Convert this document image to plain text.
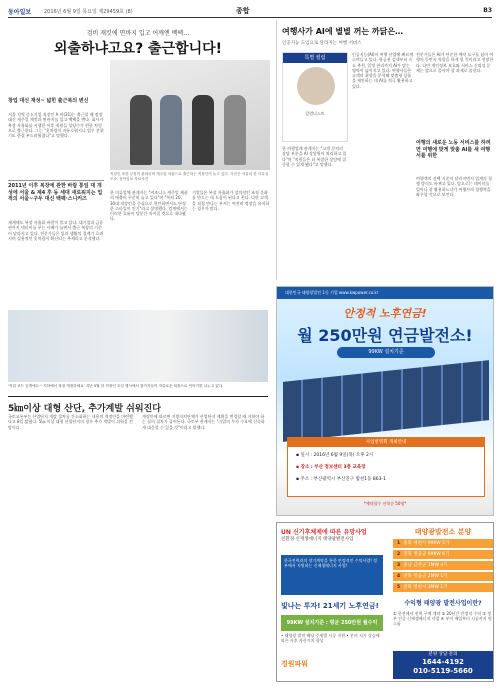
동아일보	2016년 6월 9일 목요일 제29459호 (8)	종합	B3
검비 재킷에 면바지 입고 어깨엔 백팩…
외출하냐고요? 출근합니다!
창업 대신 재성~ 넓힌 출근복의 변신

서울 지역 중소기업 직장인 A 씨(31)는 출근할 때 정장 대신 캐주얼 재킷과 면바지를 입고 백팩을 멘다. 회사가 복장 자율화를 시행한 이후 직원들 상당수가 편한 차림으로 출근한다. 그는 "옷차림이 자유로워지니 업무 분위기도 한결 부드러워졌다"고 말했다.

2011년 이후 복장에 관한 바람 통일 대 개성에 서울 & 제4 후 동 세대 새로워지는 업적의 서울~구두 대신 백팩·스니커즈

재계에도 복장 자율화 바람이 불고 있다. 대기업과 금융권까지 넥타이를 푸는 사례가 늘면서 출근 복장의 기준이 달라지고 있다. 전문가들은 일과 생활의 경계가 흐려지며 실용적인 옷차림이 확산되는 추세라고 분석했다.

직장인 복장 규정이 완화되며 캐주얼 차림으로 출근하는 직장인이 늘고 있다. 사진은 서울의 한 사무실 모습. 동아일보 자료사진

한 의류업체 관계자는 "비즈니스 캐주얼 제품의 매출이 꾸준히 늘고 있다"며 "특히 20, 30대 직장인을 중심으로 편안하면서도 단정한 스타일이 인기"라고 설명했다. 업계에서는 이러한 흐름이 당분간 이어질 것으로 내다봤다.

기업들은 복장 자율화가 창의적인 조직 문화를 만드는 데 도움이 된다고 본다. 다만 고객을 직접 만나는 부서는 여전히 정장을 유지하는 경우가 많다.

'작업 코드 공개에도~ 지하에서 복장 개정하세요' 지난 5월 한 직장인 모임 행사에서 참가자들이 자유로운 복장으로 이야기를 나누고 있다.
5㎞이상 대형 산단, 추가계발 쉬워진다

국토교통부는 산업단지 개발 절차를 간소화하는 내용의 개정안을 마련했다고 8일 밝혔다. 5㎞ 이상 대형 산업단지의 경우 추가 개발이 쉬워질 전망이다.

개정안에 따르면 지방자치단체가 산업단지 계획을 변경할 때 거쳐야 하는 심의 절차가 줄어든다. 국토부 관계자는 "기업의 투자 수요에 신속하게 대응할 수 있을 것"이라고 말했다.

여행사가 AI에 별별 꺼는 까닭은…
인공지능 도입으로 달라지는 여행 서비스
특별 컬럼
칼럼니스트

인공지능(AI)이 여행 산업에 빠르게 스며들고 있다. 항공권 검색부터 숙소 추천, 일정 관리까지 AI가 맡는 영역이 넓어지고 있다. 여행사들은 고객의 취향을 분석해 맞춤형 상품을 제안하는 데 AI를 적극 활용하고 있다.

한 여행업계 관계자는 "고객 문의의 상당 부분을 AI 상담원이 처리하고 있다"며 "직원들은 더 복잡한 상담에 집중할 수 있게 됐다"고 말했다.

전문가들은 AI가 단순한 예약 도구를 넘어 여행의 동반자 역할을 하게 될 것이라고 전망한다. 다만 개인정보 보호와 서비스 신뢰성 문제는 앞으로 풀어야 할 과제로 꼽힌다.

여행의 새로운 노동 서비스를 하려면 여행에 맞게 맞춤 AI를 새 여행서를 위한

여행객의 선택 기준이 달라지면서 업계의 경쟁 방식도 바뀌고 있다. 앞으로는 데이터를 얼마나 잘 활용하느냐가 여행사의 경쟁력을 좌우할 것으로 보인다.

대한민국 태양광발전 1등 기업 www.kwpower.co.kr
안정적 노후연금!
월 250만원 연금발전소!
99KW 설치기준
사업설명회 개최안내
▪ 일시 : 2016년 6월 9일(목) 오후 2시
▪ 장소 : 부산 정보센터 3층 교육장
▪ 주소 : 부산광역시 부산진구 범천1동 863-1
*예약필수 선착순 50명*
UN 신기후체제에 따른 유망사업
친환경·신재생에너지 태양광발전사업
한국전력과의 장기계약을 통한 안정적인 수익사업! 정부에서 지원하는 신재생에너지 사업!
빛나는 투자! 21세기 노후연금!
99KW 설치기준 : 평균 250만원 월수익
• 태양광 발전 해당 주제별 시공 지원 • 분의 지가 상승에 따른 사후 자산가치 향상
경원파워
태양광발전소 분양
1 충북 제천시 99KW 5기
2 전북 정읍군 99KW 6기
3 충남 금산군 1MW 4기
4 전북 정읍군 2MW 1기
5 전북 영천시 3MW 1기
수익형 태양광 발전사업이란?
① 한전에서 전력 구매 계약 ② 20년간 안정적 수익 ③ 정부 인증 신재생에너지 사업 ④ 부지 매입부터 시공까지 원스톱
분양 상담 문의
1644-4192
010-5119-5660
